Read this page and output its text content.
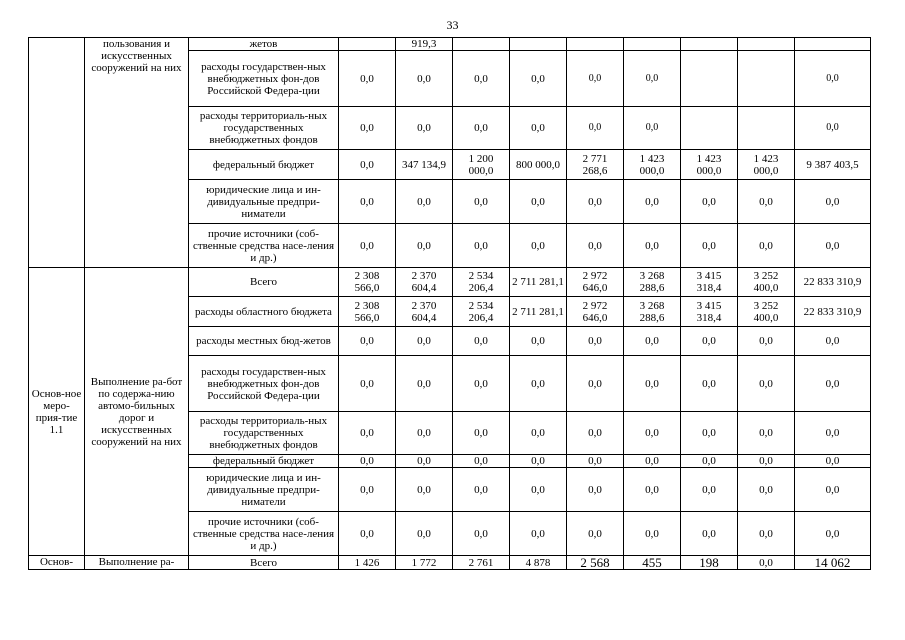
33
	пользования и искусственных сооружений на них	жетов		919,3							
		расходы государствен-ных внебюджетных фон-дов Российской Федера-ции	0,0	0,0	0,0	0,0	0,0	0,0			0,0
		расходы территориаль-ных государственных внебюджетных фондов	0,0	0,0	0,0	0,0	0,0	0,0			0,0
		федеральный бюджет	0,0	347 134,9	1 200 000,0	800 000,0	2 771 268,6	1 423 000,0	1 423 000,0	1 423 000,0	9 387 403,5
		юридические лица и ин-дивидуальные предпри-ниматели	0,0	0,0	0,0	0,0	0,0	0,0	0,0	0,0	0,0
		прочие источники (соб-ственные средства насе-ления и др.)	0,0	0,0	0,0	0,0	0,0	0,0	0,0	0,0	0,0
Основ-ное меро-прия-тие 1.1	Выполнение ра-бот по содержа-нию автомо-бильных дорог и искусственных сооружений на них	Всего	2 308 566,0	2 370 604,4	2 534 206,4	2 711 281,1	2 972 646,0	3 268 288,6	3 415 318,4	3 252 400,0	22 833 310,9
		расходы областного бюджета	2 308 566,0	2 370 604,4	2 534 206,4	2 711 281,1	2 972 646,0	3 268 288,6	3 415 318,4	3 252 400,0	22 833 310,9
		расходы местных бюд-жетов	0,0	0,0	0,0	0,0	0,0	0,0	0,0	0,0	0,0
		расходы государствен-ных внебюджетных фон-дов Российской Федера-ции	0,0	0,0	0,0	0,0	0,0	0,0	0,0	0,0	0,0
		расходы территориаль-ных государственных внебюджетных фондов	0,0	0,0	0,0	0,0	0,0	0,0	0,0	0,0	0,0
		федеральный бюджет	0,0	0,0	0,0	0,0	0,0	0,0	0,0	0,0	0,0
		юридические лица и ин-дивидуальные предпри-ниматели	0,0	0,0	0,0	0,0	0,0	0,0	0,0	0,0	0,0
		прочие источники (соб-ственные средства насе-ления и др.)	0,0	0,0	0,0	0,0	0,0	0,0	0,0	0,0	0,0
Основ-	Выполнение ра-	Всего	1 426	1 772	2 761	4 878	2 568	455	198	0,0	14 062
